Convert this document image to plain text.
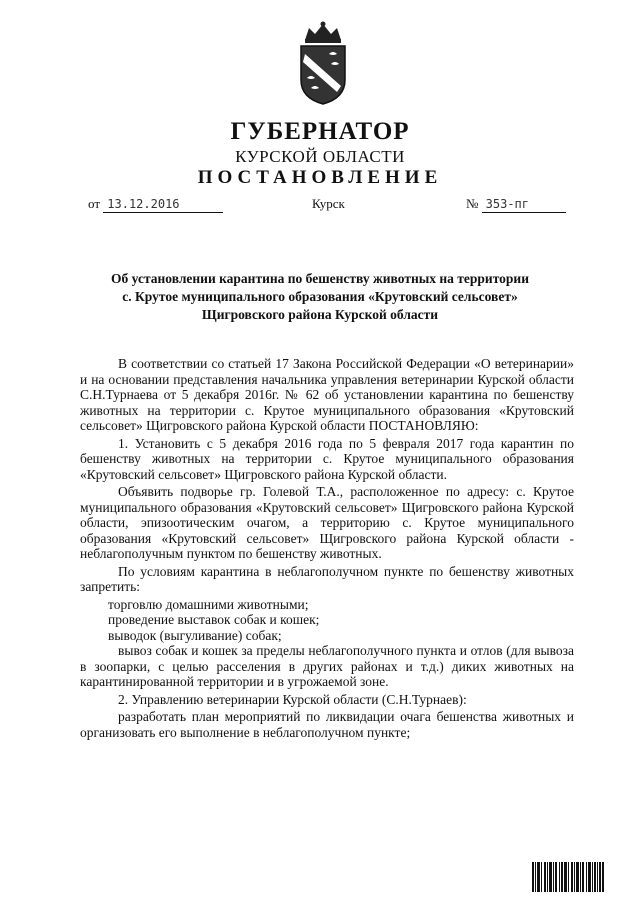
ГУБЕРНАТОР
КУРСКОЙ ОБЛАСТИ
ПОСТАНОВЛЕНИЕ
от 13.12.2016	Курск	№ 353-пг
Об установлении карантина по бешенству животных на территории
с. Крутое муниципального образования «Крутовский сельсовет»
Щигровского района Курской области

В соответствии со статьей 17 Закона Российской Федерации «О ветеринарии» и на основании представления начальника управления ветеринарии Курской области С.Н.Турнаева от 5 декабря 2016г. № 62 об установлении карантина по бешенству животных на территории с. Крутое муниципального образования «Крутовский сельсовет» Щигровского района Курской области ПОСТАНОВЛЯЮ:

1. Установить с 5 декабря 2016 года по 5 февраля 2017 года карантин по бешенству животных на территории с. Крутое муниципального образования «Крутовский сельсовет» Щигровского района Курской области.

Объявить подворье гр. Голевой Т.А., расположенное по адресу: с. Крутое муниципального образования «Крутовский сельсовет» Щигровского района Курской области, эпизоотическим очагом, а территорию с. Крутое муниципального образования «Крутовский сельсовет» Щигровского района Курской области - неблагополучным пунктом по бешенству животных.

По условиям карантина в неблагополучном пункте по бешенству животных запретить:

торговлю домашними животными;

проведение выставок собак и кошек;

выводок (выгуливание) собак;

вывоз собак и кошек за пределы неблагополучного пункта и отлов (для вывоза в зоопарки, с целью расселения в других районах и т.д.) диких животных на карантинированной территории и в угрожаемой зоне.

2. Управлению ветеринарии Курской области (С.Н.Турнаев):

разработать план мероприятий по ликвидации очага бешенства животных и организовать его выполнение в неблагополучном пункте;
